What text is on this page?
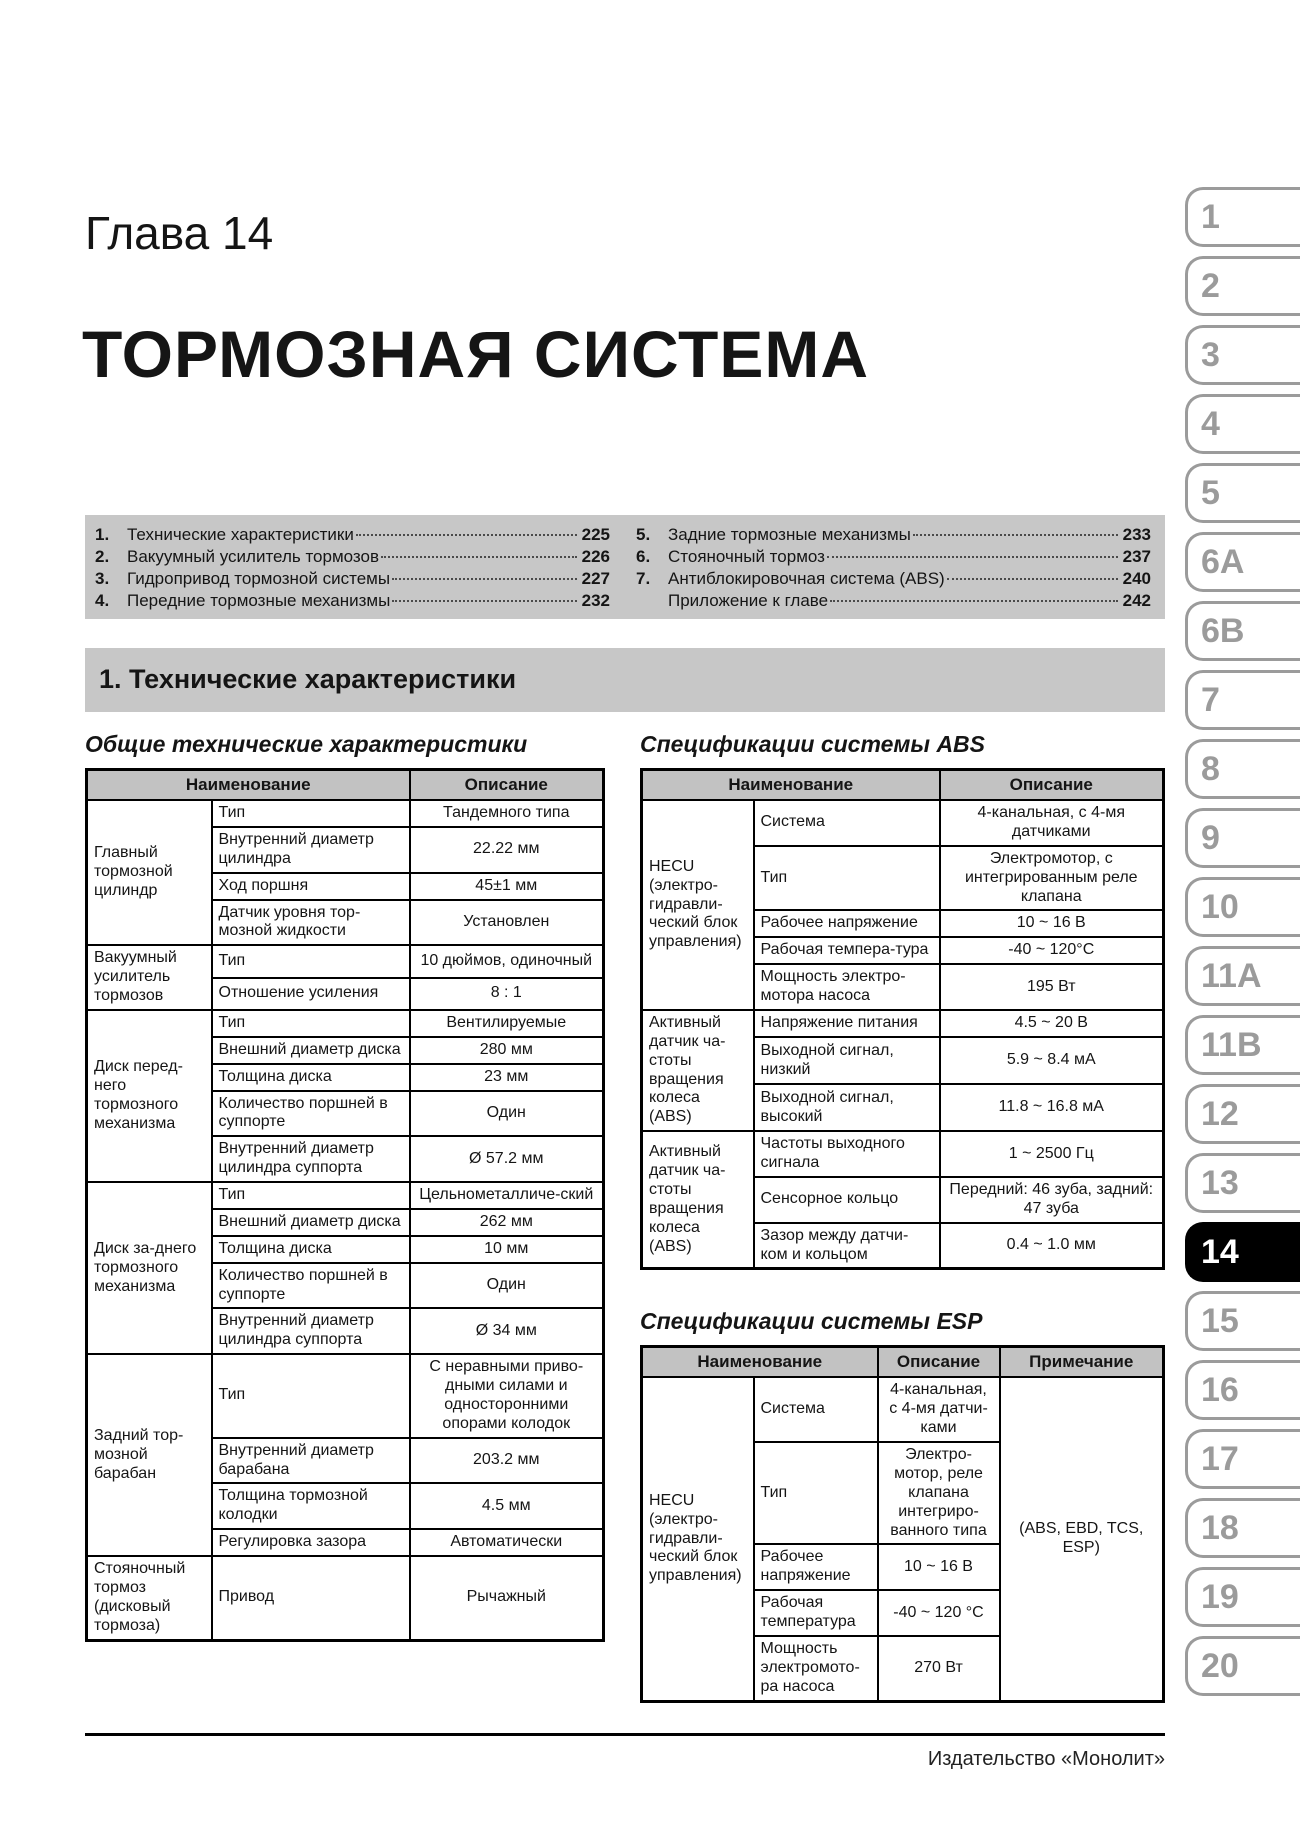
Глава 14
ТОРМОЗНАЯ СИСТЕМА
1.	Технические характеристики	225
2.	Вакуумный усилитель тормозов	226
3.	Гидропривод тормозной системы	227
4.	Передние тормозные механизмы	232
5.	Задние тормозные механизмы	233
6.	Стояночный тормоз	237
7.	Антиблокировочная система (ABS)	240
Приложение к главе	242
1. Технические характеристики
Общие технические характеристики
Наименование		Описание
Главный тормозной цилиндр	Тип	Тандемного типа
	Внутренний диаметр цилиндра	22.22 мм
	Ход поршня	45±1 мм
	Датчик уровня тор-мозной жидкости	Установлен
Вакуумный усилитель тормозов	Тип	10 дюймов, одиночный
	Отношение усиления	8 : 1
Диск перед-него тормозного механизма	Тип	Вентилируемые
	Внешний диаметр диска	280 мм
	Толщина диска	23 мм
	Количество поршней в суппорте	Один
	Внутренний диаметр цилиндра суппорта	Ø 57.2 мм
Диск за-днего тормозного механизма	Тип	Цельнометалличе-ский
	Внешний диаметр диска	262 мм
	Толщина диска	10 мм
	Количество поршней в суппорте	Один
	Внутренний диаметр цилиндра суппорта	Ø 34 мм
Задний тор-мозной барабан	Тип	С неравными приво-дными силами и односторонними опорами колодок
	Внутренний диаметр барабана	203.2 мм
	Толщина тормозной колодки	4.5 мм
	Регулировка зазора	Автоматически
Стояночный тормоз (дисковый тормоза)	Привод	Рычажный
Спецификации системы ABS
Наименование		Описание
HECU (электро-гидравли-ческий блок управления)	Система	4-канальная, с 4-мя датчиками
	Тип	Электромотор, с интегрированным реле клапана
	Рабочее напряжение	10 ~ 16 В
	Рабочая темпера-тура	-40 ~ 120°C
	Мощность электро-мотора насоса	195 Вт
Активный датчик ча-стоты вращения колеса (ABS)	Напряжение питания	4.5 ~ 20 В
	Выходной сигнал, низкий	5.9 ~ 8.4 мА
	Выходной сигнал, высокий	11.8 ~ 16.8 мА
Активный датчик ча-стоты вращения колеса (ABS)	Частоты выходного сигнала	1 ~ 2500 Гц
	Сенсорное кольцо	Передний: 46 зуба, задний: 47 зуба
	Зазор между датчи-ком и кольцом	0.4 ~ 1.0 мм
Спецификации системы ESP
Наименование		Описание	Примечание
HECU (электро-гидравли-ческий блок управления)	Система	4-канальная, с 4-мя датчи-ками	(ABS, EBD, TCS, ESP)
	Тип	Электро-мотор, реле клапана интегриро-ванного типа	
	Рабочее напряжение	10 ~ 16 В	
	Рабочая температура	-40 ~ 120 °C	
	Мощность электромото-ра насоса	270 Вт	
Издательство «Монолит»
1
2
3
4
5
6A
6B
7
8
9
10
11A
11B
12
13
14
15
16
17
18
19
20
